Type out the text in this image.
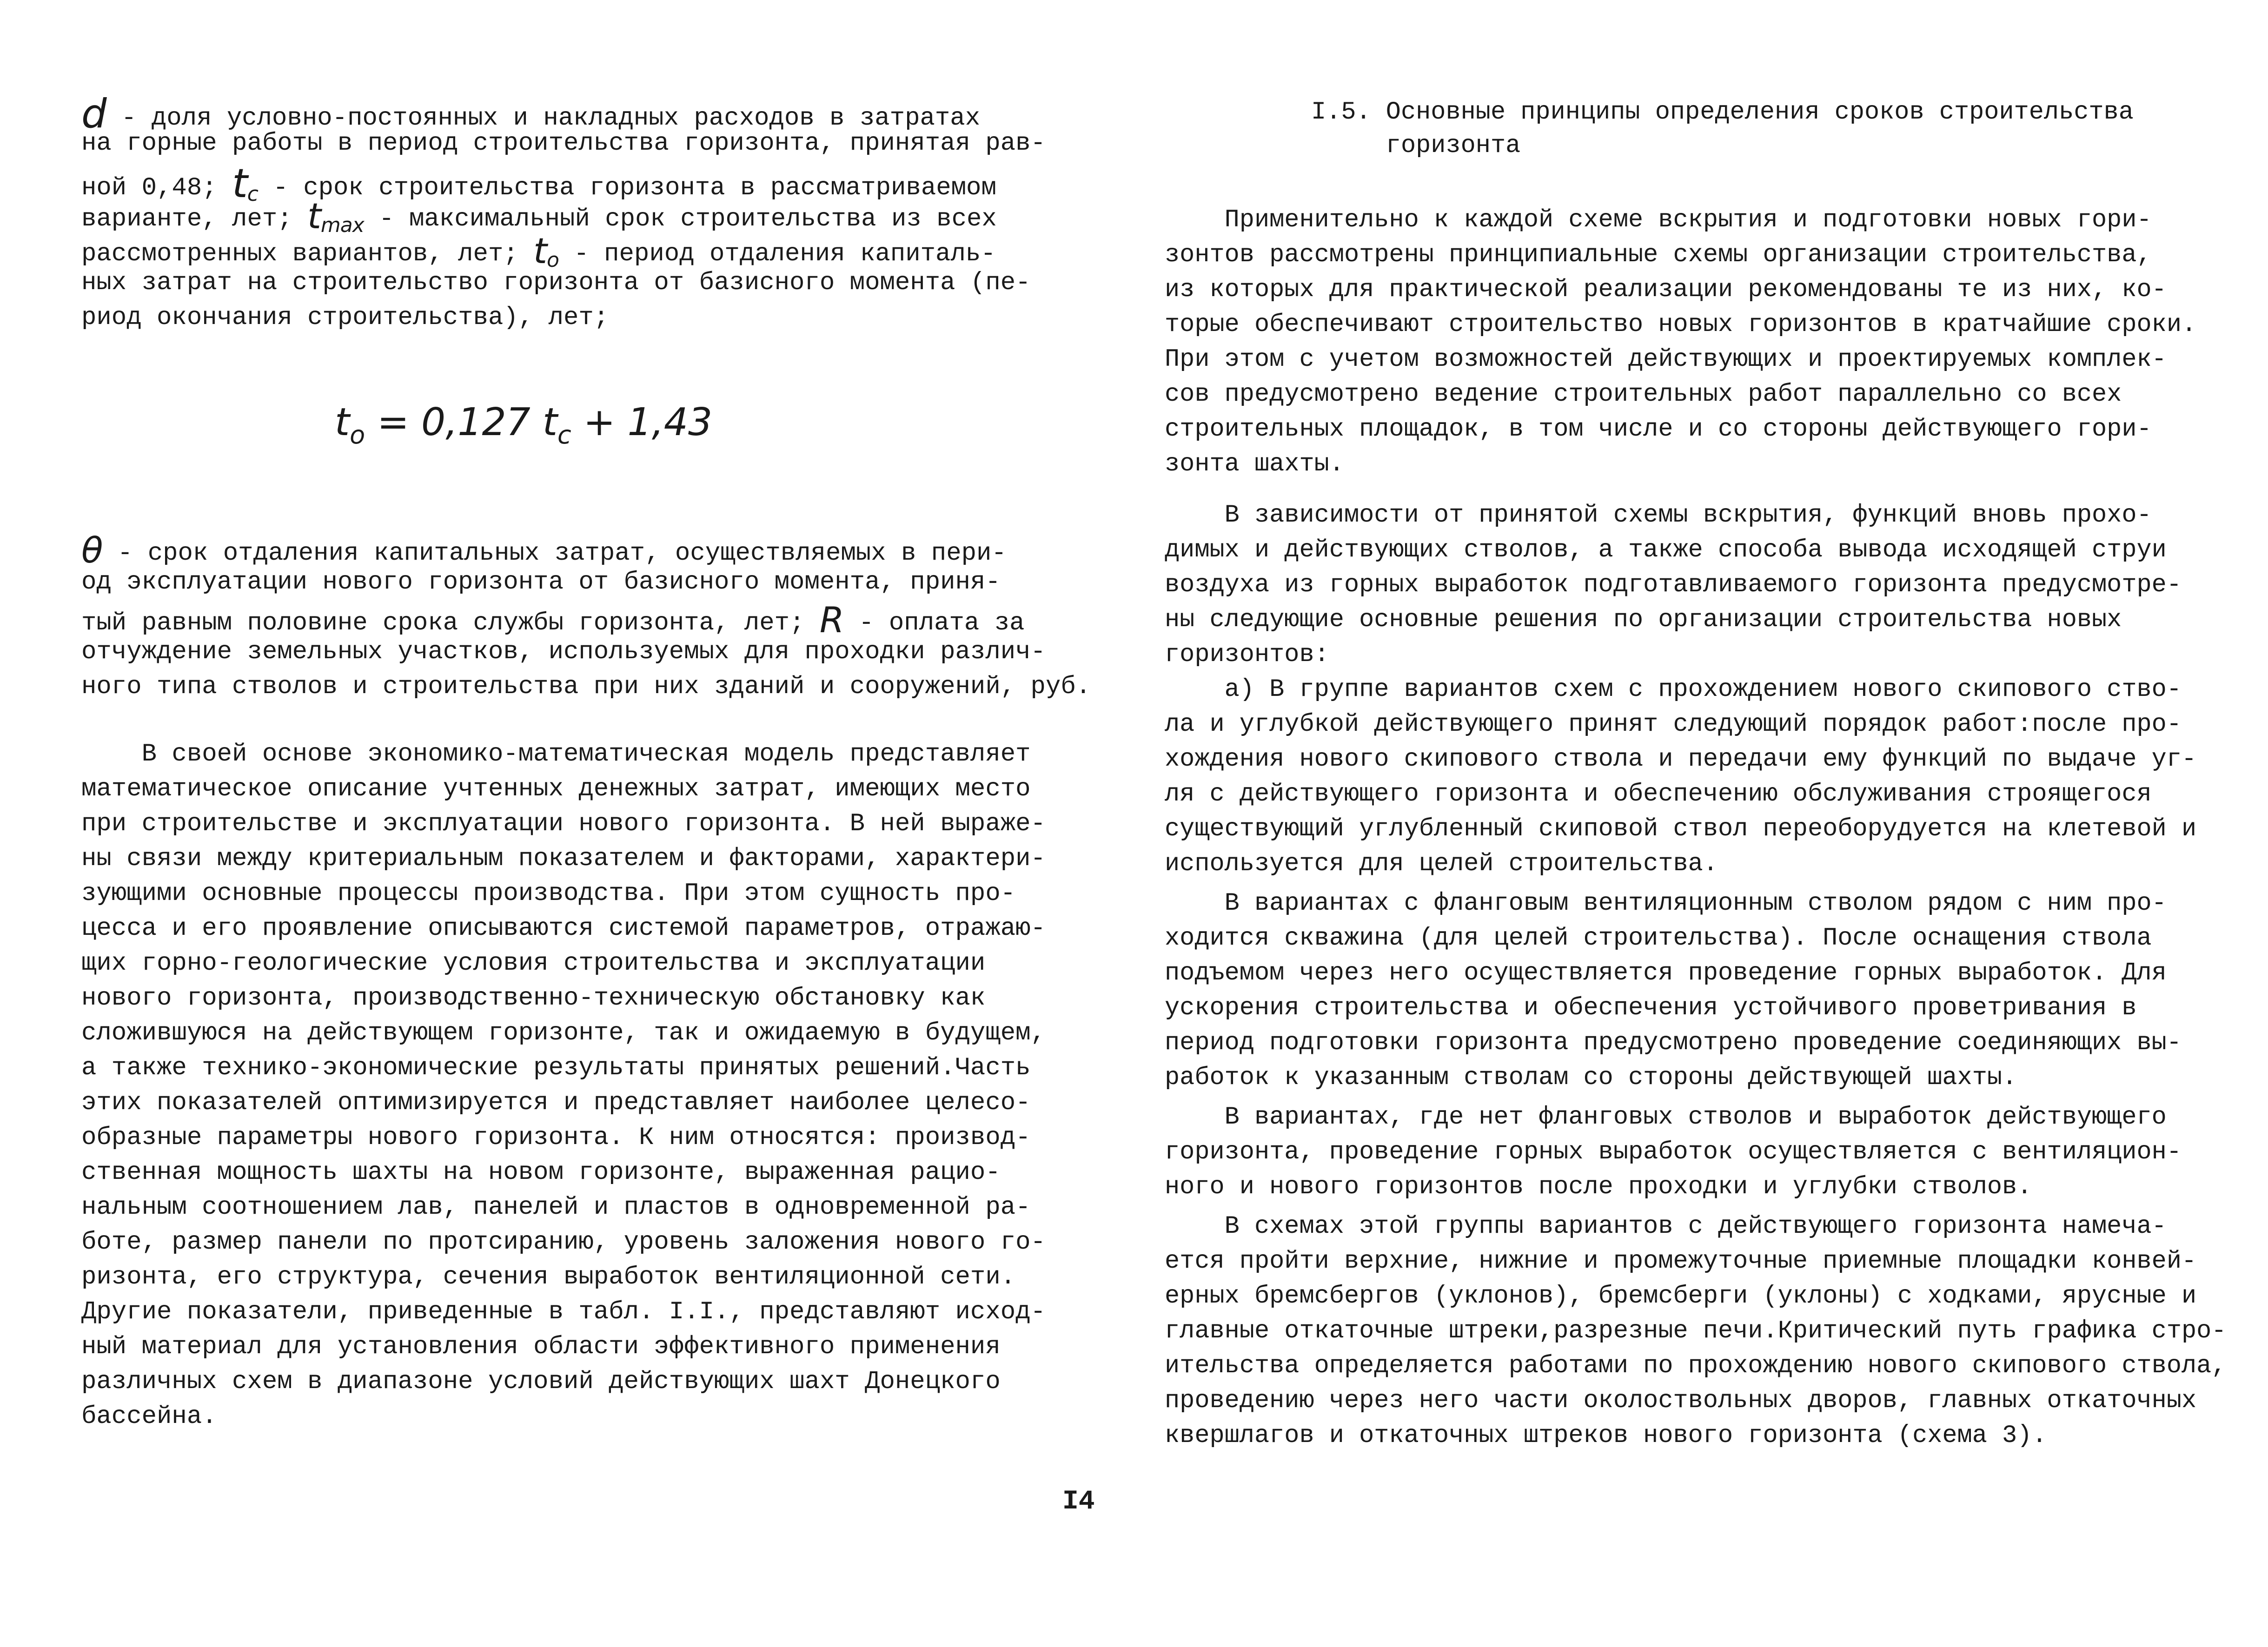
d - доля условно-постоянных и накладных расходов в затратах
на горные работы в период строительства горизонта, принятая рав-
ной 0,48; $t_c$ - срок строительства горизонта в рассматриваемом
варианте, лет; $t_{max}$ - максимальный срок строительства из всех
рассмотренных вариантов, лет; $t_o$ - период отдаления капиталь-
ных затрат на строительство горизонта от базисного момента (пе-
риод окончания строительства), лет;
$t_o = 0,127$ $t_c + 1,43$
θ - срок отдаления капитальных затрат, осуществляемых в пери-
од эксплуатации нового горизонта от базисного момента, приня-
тый равным половине срока службы горизонта, лет; R - оплата за
отчуждение земельных участков, используемых для проходки различ-
ного типа стволов и строительства при них зданий и сооружений, руб.
В своей основе экономико-математическая модель представляет
математическое описание учтенных денежных затрат, имеющих место
при строительстве и эксплуатации нового горизонта. В ней выраже-
ны связи между критериальным показателем и факторами, характери-
зующими основные процессы производства. При этом сущность про-
цесса и его проявление описываются системой параметров, отражаю-
щих горно-геологические условия строительства и эксплуатации
нового горизонта, производственно-техническую обстановку как
сложившуюся на действующем горизонте, так и ожидаемую в будущем,
а также технико-экономические результаты принятых решений.Часть
этих показателей оптимизируется и представляет наиболее целесо-
образные параметры нового горизонта. К ним относятся: производ-
ственная мощность шахты на новом горизонте, выраженная рацио-
нальным соотношением лав, панелей и пластов в одновременной ра-
боте, размер панели по протсиранию, уровень заложения нового го-
ризонта, его структура, сечения выработок вентиляционной сети.
Другие показатели, приведенные в табл. I.I., представляют исход-
ный материал для установления области эффективного применения
различных схем в диапазоне условий действующих шахт Донецкого
бассейна.
I.5. Основные принципы определения сроков строительства
горизонта
Применительно к каждой схеме вскрытия и подготовки новых гори-
зонтов рассмотрены принципиальные схемы организации строительства,
из которых для практической реализации рекомендованы те из них, ко-
торые обеспечивают строительство новых горизонтов в кратчайшие сроки.
При этом с учетом возможностей действующих и проектируемых комплек-
сов предусмотрено ведение строительных работ параллельно со всех
строительных площадок, в том числе и со стороны действующего гори-
зонта шахты.
В зависимости от принятой схемы вскрытия, функций вновь прохо-
димых и действующих стволов, а также способа вывода исходящей струи
воздуха из горных выработок подготавливаемого горизонта предусмотре-
ны следующие основные решения по организации строительства новых
горизонтов:
а) В группе вариантов схем с прохождением нового скипового ство-
ла и углубкой действующего принят следующий порядок работ:после про-
хождения нового скипового ствола и передачи ему функций по выдаче уг-
ля с действующего горизонта и обеспечению обслуживания строящегося
существующий углубленный скиповой ствол переоборудуется на клетевой и
используется для целей строительства.
В вариантах с фланговым вентиляционным стволом рядом с ним про-
ходится скважина (для целей строительства). После оснащения ствола
подъемом через него осуществляется проведение горных выработок. Для
ускорения строительства и обеспечения устойчивого проветривания в
период подготовки горизонта предусмотрено проведение соединяющих вы-
работок к указанным стволам со стороны действующей шахты.
В вариантах, где нет фланговых стволов и выработок действующего
горизонта, проведение горных выработок осуществляется с вентиляцион-
ного и нового горизонтов после проходки и углубки стволов.
В схемах этой группы вариантов с действующего горизонта намеча-
ется пройти верхние, нижние и промежуточные приемные площадки конвей-
ерных бремсбергов (уклонов), бремсберги (уклоны) с ходками, ярусные и
главные откаточные штреки,разрезные печи.Критический путь графика стро-
ительства определяется работами по прохождению нового скипового ствола,
проведению через него части околоствольных дворов, главных откаточных
квершлагов и откаточных штреков нового горизонта (схема 3).
I4
